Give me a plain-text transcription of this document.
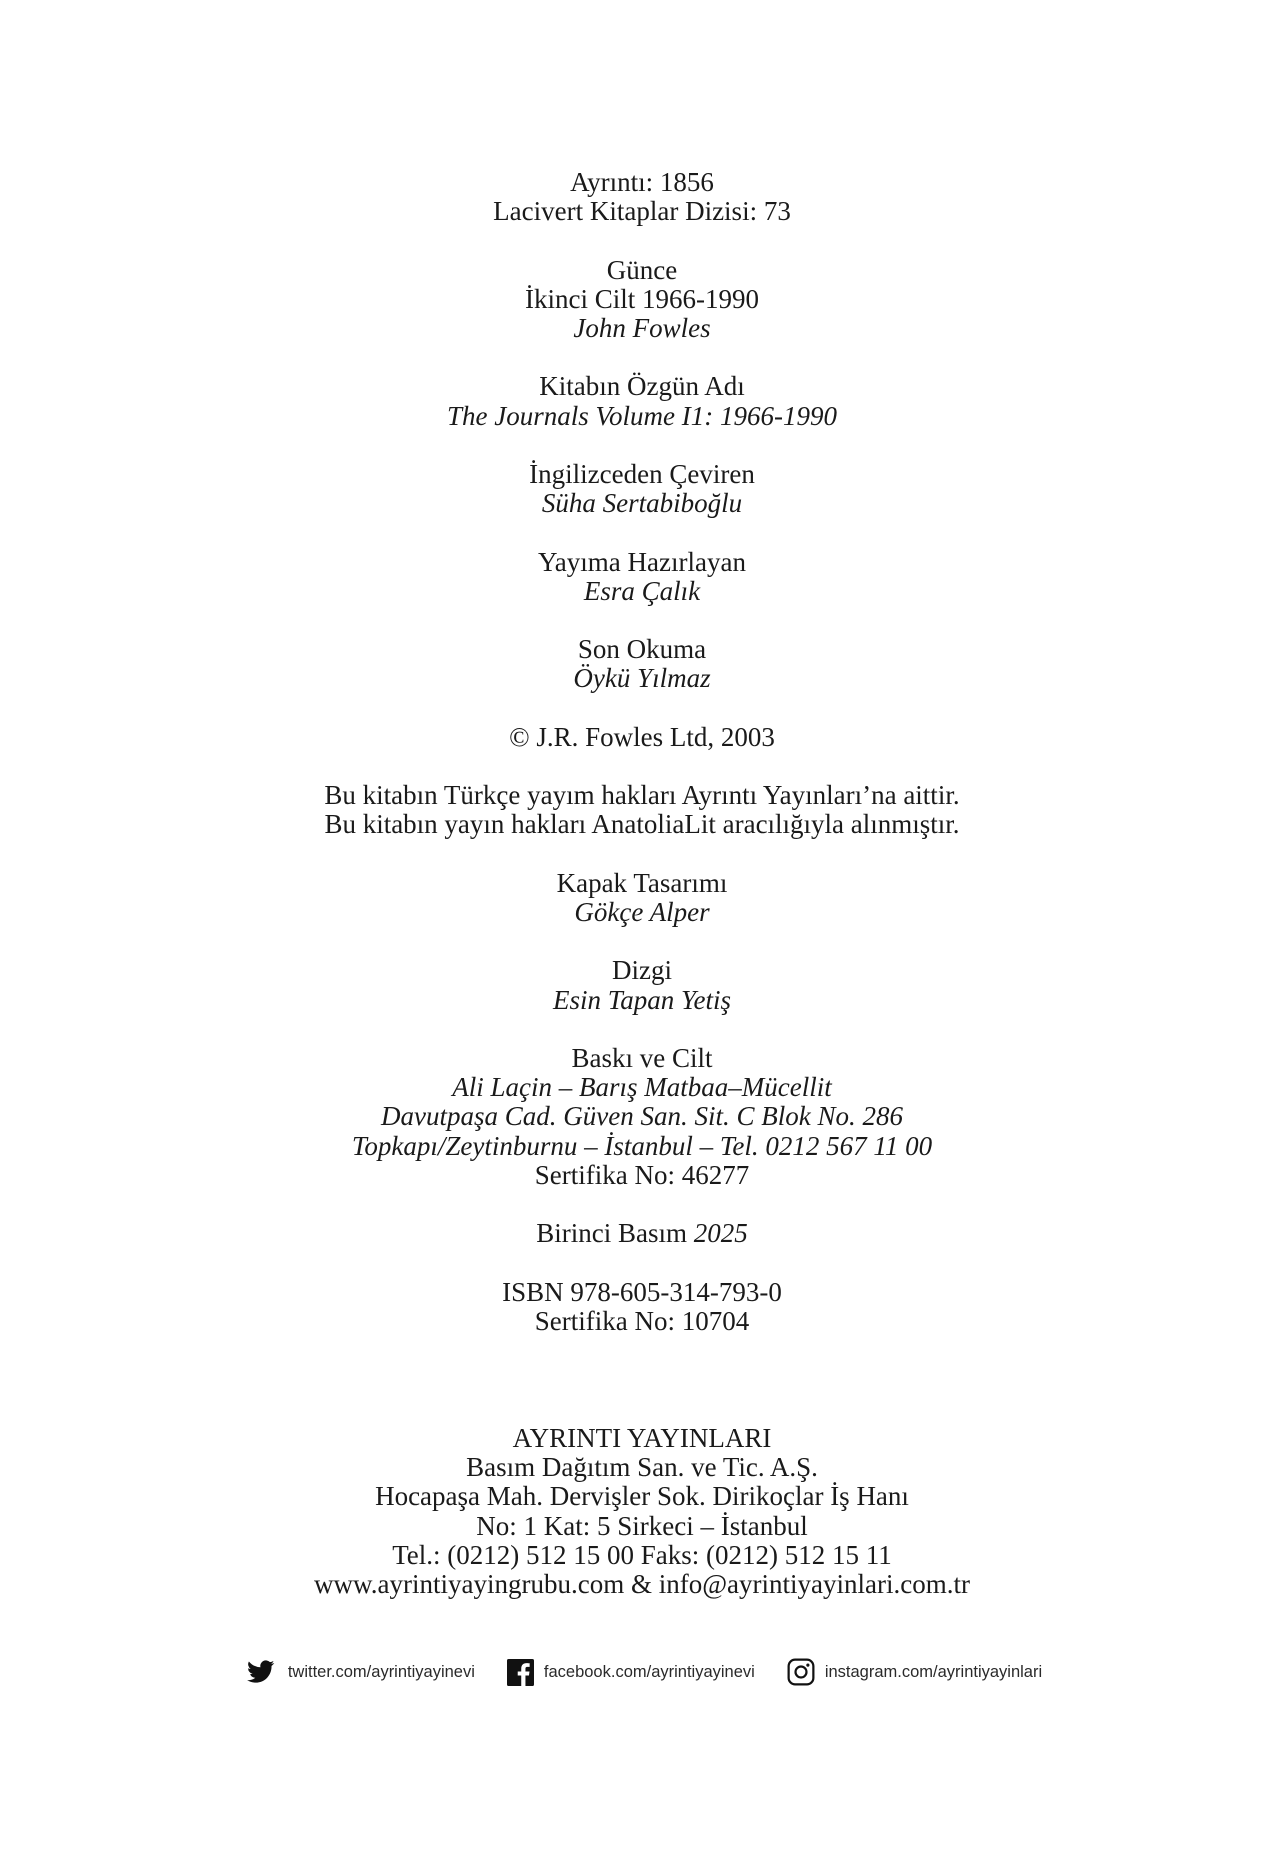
Ayrıntı: 1856
Lacivert Kitaplar Dizisi: 73
Günce
İkinci Cilt 1966-1990
John Fowles
Kitabın Özgün Adı
The Journals Volume I1: 1966-1990
İngilizceden Çeviren
Süha Sertabiboğlu
Yayıma Hazırlayan
Esra Çalık
Son Okuma
Öykü Yılmaz
© J.R. Fowles Ltd, 2003
Bu kitabın Türkçe yayım hakları Ayrıntı Yayınları’na aittir.
Bu kitabın yayın hakları AnatoliaLit aracılığıyla alınmıştır.
Kapak Tasarımı
Gökçe Alper
Dizgi
Esin Tapan Yetiş
Baskı ve Cilt
Ali Laçin – Barış Matbaa–Mücellit
Davutpaşa Cad. Güven San. Sit. C Blok No. 286
Topkapı/Zeytinburnu – İstanbul – Tel. 0212 567 11 00
Sertifika No: 46277
Birinci Basım 2025
ISBN 978-605-314-793-0
Sertifika No: 10704
AYRINTI YAYINLARI
Basım Dağıtım San. ve Tic. A.Ş.
Hocapaşa Mah. Dervişler Sok. Dirikoçlar İş Hanı
No: 1 Kat: 5 Sirkeci – İstanbul
Tel.: (0212) 512 15 00 Faks: (0212) 512 15 11
www.ayrintiyayingrubu.com & info@ayrintiyayinlari.com.tr
twitter.com/ayrintiyayinevi	facebook.com/ayrintiyayinevi	instagram.com/ayrintiyayinlari
